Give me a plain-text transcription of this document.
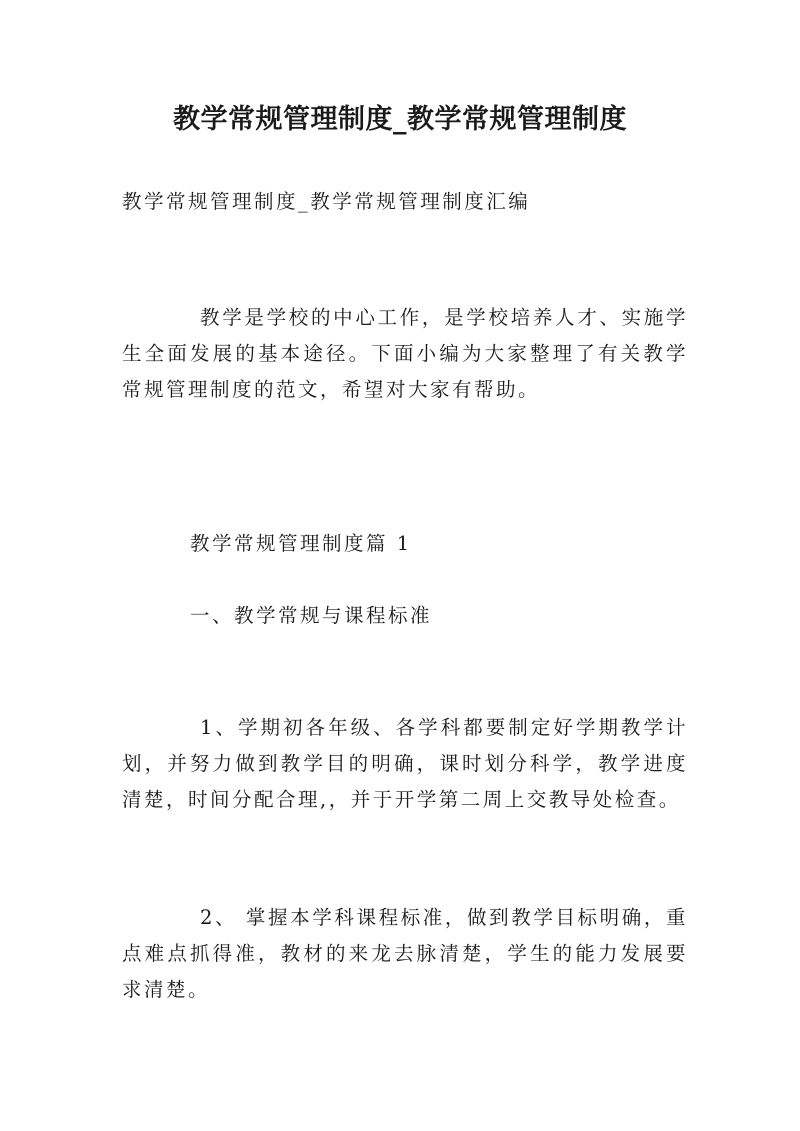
教学常规管理制度_教学常规管理制度
教学常规管理制度_教学常规管理制度汇编
教学是学校的中心工作，是学校培养人才、实施学生全面发展的基本途径。下面小编为大家整理了有关教学常规管理制度的范文，希望对大家有帮助。
教学常规管理制度篇 1
一、教学常规与课程标准
1、学期初各年级、各学科都要制定好学期教学计划，并努力做到教学目的明确，课时划分科学，教学进度清楚，时间分配合理,，并于开学第二周上交教导处检查。
2、 掌握本学科课程标准，做到教学目标明确，重点难点抓得准，教材的来龙去脉清楚，学生的能力发展要求清楚。
